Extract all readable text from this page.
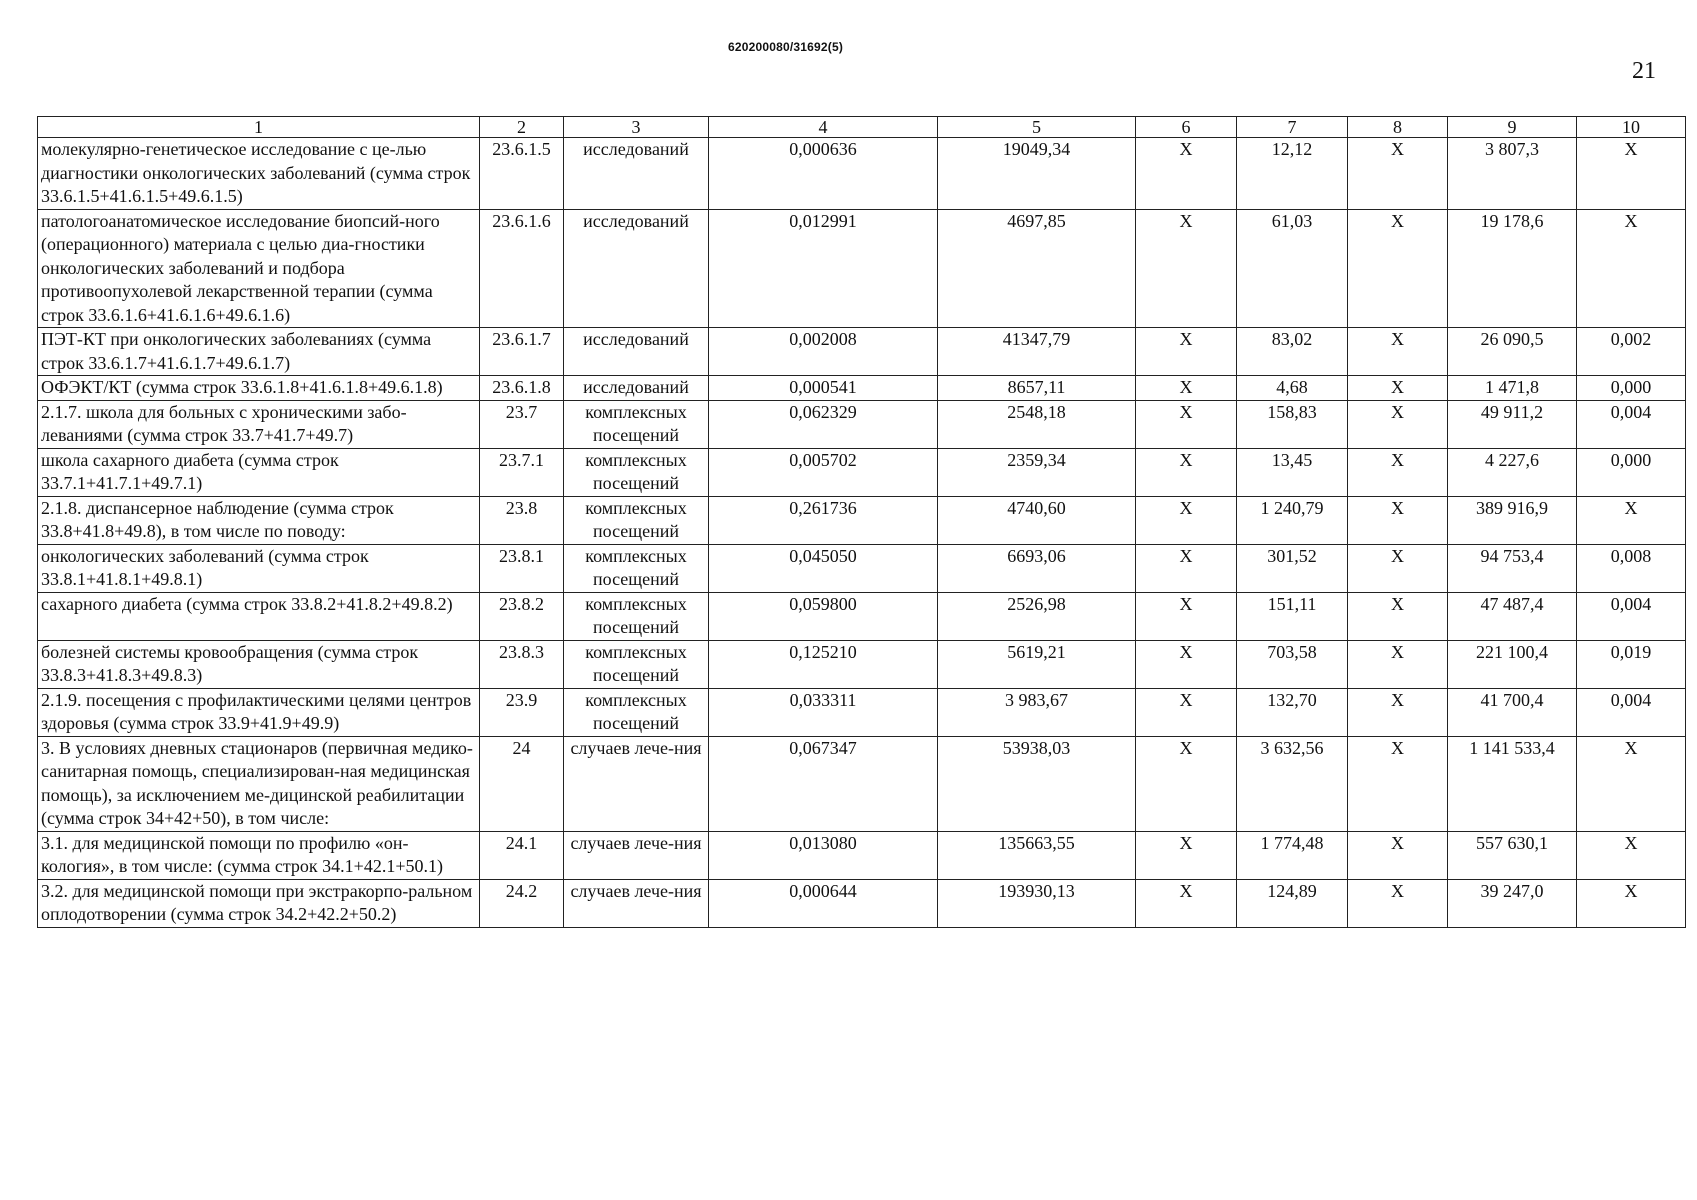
620200080/31692(5)
21
1	2	3	4	5	6	7	8	9	10
молекулярно-генетическое исследование с це-лью диагностики онкологических заболеваний (сумма строк 33.6.1.5+41.6.1.5+49.6.1.5)	23.6.1.5	исследований	0,000636	19049,34	Х	12,12	Х	3 807,3	Х
патологоанатомическое исследование биопсий-ного (операционного) материала с целью диа-гностики онкологических заболеваний и подбора противоопухолевой лекарственной терапии (сумма строк 33.6.1.6+41.6.1.6+49.6.1.6)	23.6.1.6	исследований	0,012991	4697,85	Х	61,03	Х	19 178,6	Х
ПЭТ-КТ при онкологических заболеваниях (сумма строк 33.6.1.7+41.6.1.7+49.6.1.7)	23.6.1.7	исследований	0,002008	41347,79	Х	83,02	Х	26 090,5	0,002
ОФЭКТ/КТ (сумма строк 33.6.1.8+41.6.1.8+49.6.1.8)	23.6.1.8	исследований	0,000541	8657,11	Х	4,68	Х	1 471,8	0,000
2.1.7. школа для больных с хроническими забо-леваниями (сумма строк 33.7+41.7+49.7)	23.7	комплексных посещений	0,062329	2548,18	Х	158,83	Х	49 911,2	0,004
школа сахарного диабета (сумма строк 33.7.1+41.7.1+49.7.1)	23.7.1	комплексных посещений	0,005702	2359,34	Х	13,45	Х	4 227,6	0,000
2.1.8. диспансерное наблюдение (сумма строк 33.8+41.8+49.8), в том числе по поводу:	23.8	комплексных посещений	0,261736	4740,60	Х	1 240,79	Х	389 916,9	Х
онкологических заболеваний (сумма строк 33.8.1+41.8.1+49.8.1)	23.8.1	комплексных посещений	0,045050	6693,06	Х	301,52	Х	94 753,4	0,008
сахарного диабета (сумма строк 33.8.2+41.8.2+49.8.2)	23.8.2	комплексных посещений	0,059800	2526,98	Х	151,11	Х	47 487,4	0,004
болезней системы кровообращения (сумма строк 33.8.3+41.8.3+49.8.3)	23.8.3	комплексных посещений	0,125210	5619,21	Х	703,58	Х	221 100,4	0,019
2.1.9. посещения с профилактическими целями центров здоровья (сумма строк 33.9+41.9+49.9)	23.9	комплексных посещений	0,033311	3 983,67	Х	132,70	Х	41 700,4	0,004
3. В условиях дневных стационаров (первичная медико-санитарная помощь, специализирован-ная медицинская помощь), за исключением ме-дицинской реабилитации (сумма строк 34+42+50), в том числе:	24	случаев лече-ния	0,067347	53938,03	Х	3 632,56	Х	1 141 533,4	Х
3.1. для медицинской помощи по профилю «он-кология», в том числе: (сумма строк 34.1+42.1+50.1)	24.1	случаев лече-ния	0,013080	135663,55	Х	1 774,48	Х	557 630,1	Х
3.2. для медицинской помощи при экстракорпо-ральном оплодотворении (сумма строк 34.2+42.2+50.2)	24.2	случаев лече-ния	0,000644	193930,13	Х	124,89	Х	39 247,0	Х
